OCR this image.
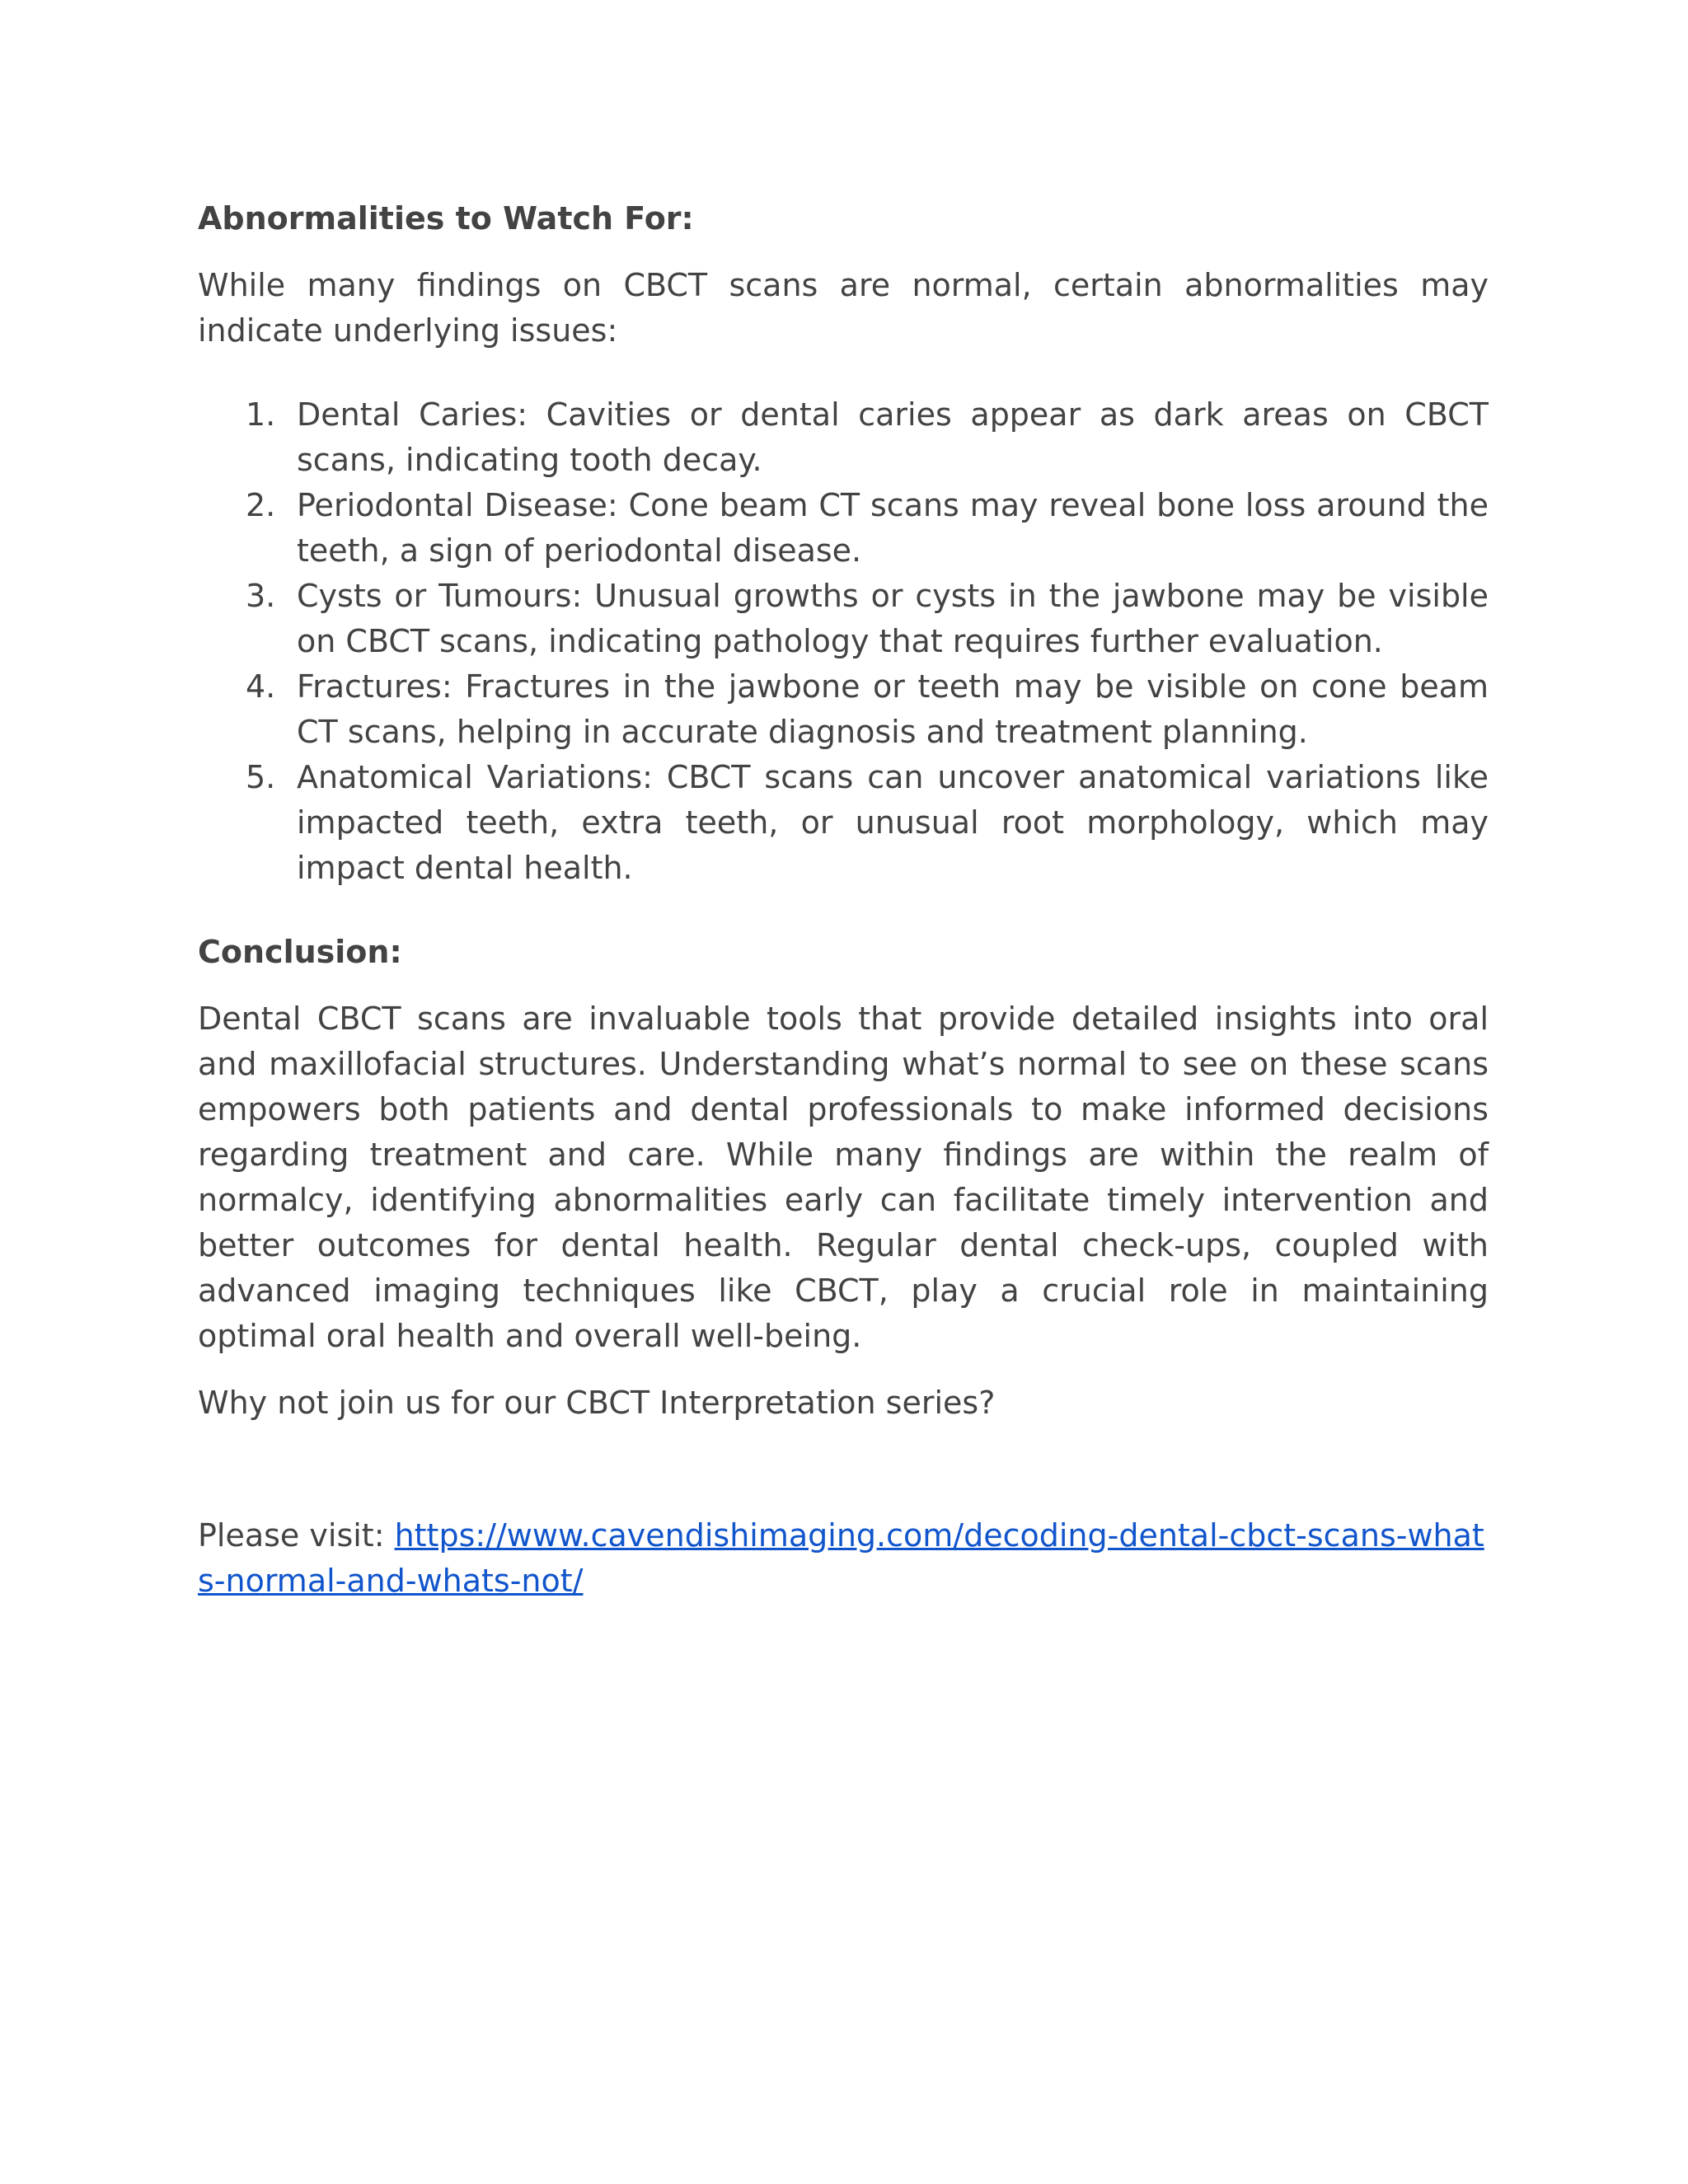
Abnormalities to Watch For:

While many findings on CBCT scans are normal, certain abnormalities may indicate underlying issues:

1. Dental Caries: Cavities or dental caries appear as dark areas on CBCT scans, indicating tooth decay.
2. Periodontal Disease: Cone beam CT scans may reveal bone loss around the teeth, a sign of periodontal disease.
3. Cysts or Tumours: Unusual growths or cysts in the jawbone may be visible on CBCT scans, indicating pathology that requires further evaluation.
4. Fractures: Fractures in the jawbone or teeth may be visible on cone beam CT scans, helping in accurate diagnosis and treatment planning.
5. Anatomical Variations: CBCT scans can uncover anatomical variations like impacted teeth, extra teeth, or unusual root morphology, which may impact dental health.

Conclusion:

Dental CBCT scans are invaluable tools that provide detailed insights into oral and maxillofacial structures. Understanding what’s normal to see on these scans empowers both patients and dental professionals to make informed decisions regarding treatment and care. While many findings are within the realm of normalcy, identifying abnormalities early can facilitate timely intervention and better outcomes for dental health. Regular dental check-ups, coupled with advanced imaging techniques like CBCT, play a crucial role in maintaining optimal oral health and overall well-being.

Why not join us for our CBCT Interpretation series?

Please visit: https://www.cavendishimaging.com/decoding-dental-cbct-scans-whats-normal-and-whats-not/
